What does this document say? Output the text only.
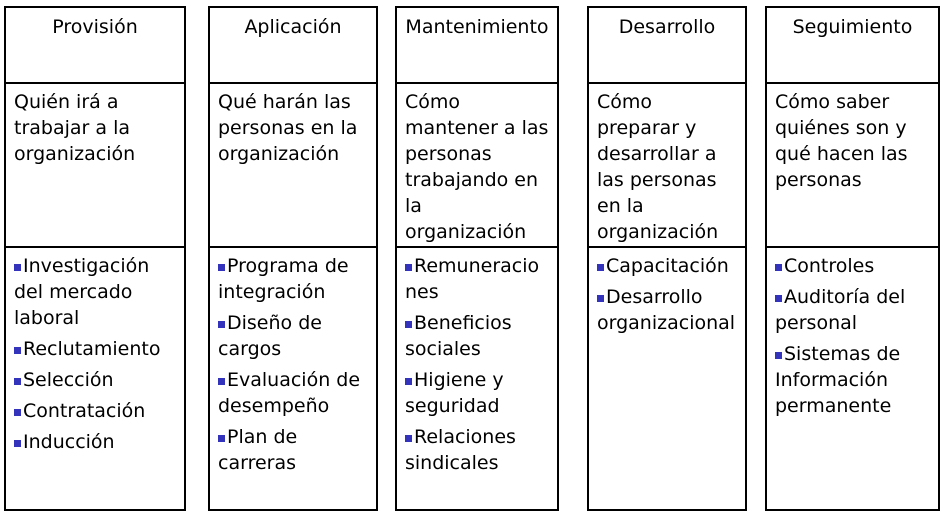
Provisión
Quién irá a trabajar a la organización
Investigación del mercado laboral
Reclutamiento
Selección
Contratación
Inducción
Aplicación
Qué harán las personas en la organización
Programa de integración
Diseño de cargos
Evaluación de desempeño
Plan de carreras
Mantenimiento
Cómo mantener a las personas trabajando en la organización
Remuneraciones
Beneficios sociales
Higiene y seguridad
Relaciones sindicales
Desarrollo
Cómo preparar y desarrollar a las personas en la organización
Capacitación
Desarrollo organizacional
Seguimiento
Cómo saber quiénes son y qué hacen las personas
Controles
Auditoría del personal
Sistemas de Información permanente
